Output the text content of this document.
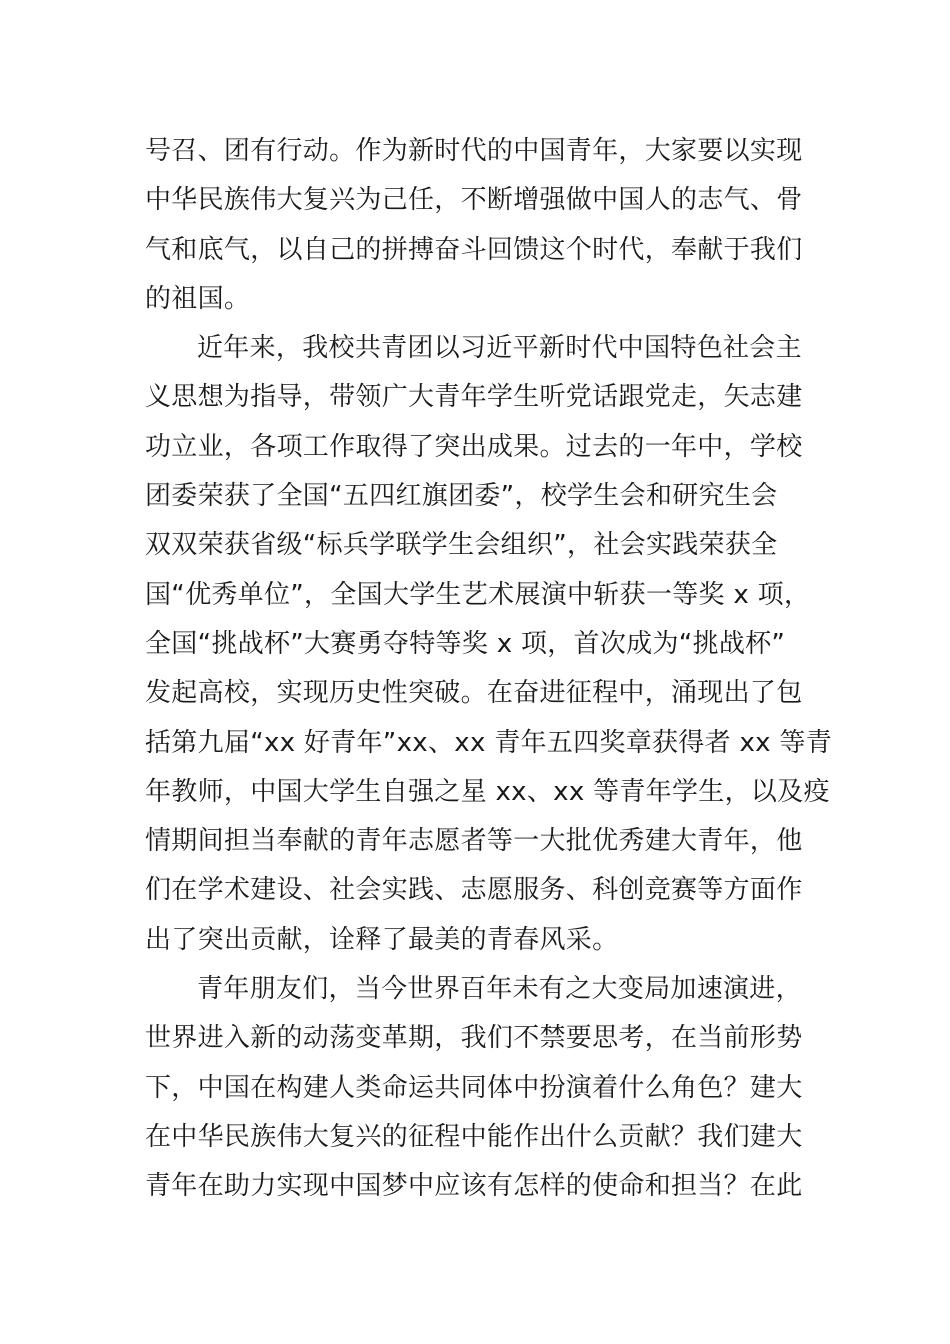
号召、团有行动。作为新时代的中国青年，大家要以实现
中华民族伟大复兴为己任，不断增强做中国人的志气、骨
气和底气，以自己的拼搏奋斗回馈这个时代，奉献于我们
的祖国。
近年来，我校共青团以习近平新时代中国特色社会主
义思想为指导，带领广大青年学生听党话跟党走，矢志建
功立业，各项工作取得了突出成果。过去的一年中，学校
团委荣获了全国“五四红旗团委”，校学生会和研究生会
双双荣获省级“标兵学联学生会组织”，社会实践荣获全
国“优秀单位”，全国大学生艺术展演中斩获一等奖 x 项，
全国“挑战杯”大赛勇夺特等奖 x 项，首次成为“挑战杯”
发起高校，实现历史性突破。在奋进征程中，涌现出了包
括第九届“xx 好青年”xx、xx 青年五四奖章获得者 xx 等青
年教师，中国大学生自强之星 xx、xx 等青年学生，以及疫
情期间担当奉献的青年志愿者等一大批优秀建大青年，他
们在学术建设、社会实践、志愿服务、科创竞赛等方面作
出了突出贡献，诠释了最美的青春风采。
青年朋友们，当今世界百年未有之大变局加速演进，
世界进入新的动荡变革期，我们不禁要思考，在当前形势
下，中国在构建人类命运共同体中扮演着什么角色？建大
在中华民族伟大复兴的征程中能作出什么贡献？我们建大
青年在助力实现中国梦中应该有怎样的使命和担当？在此
